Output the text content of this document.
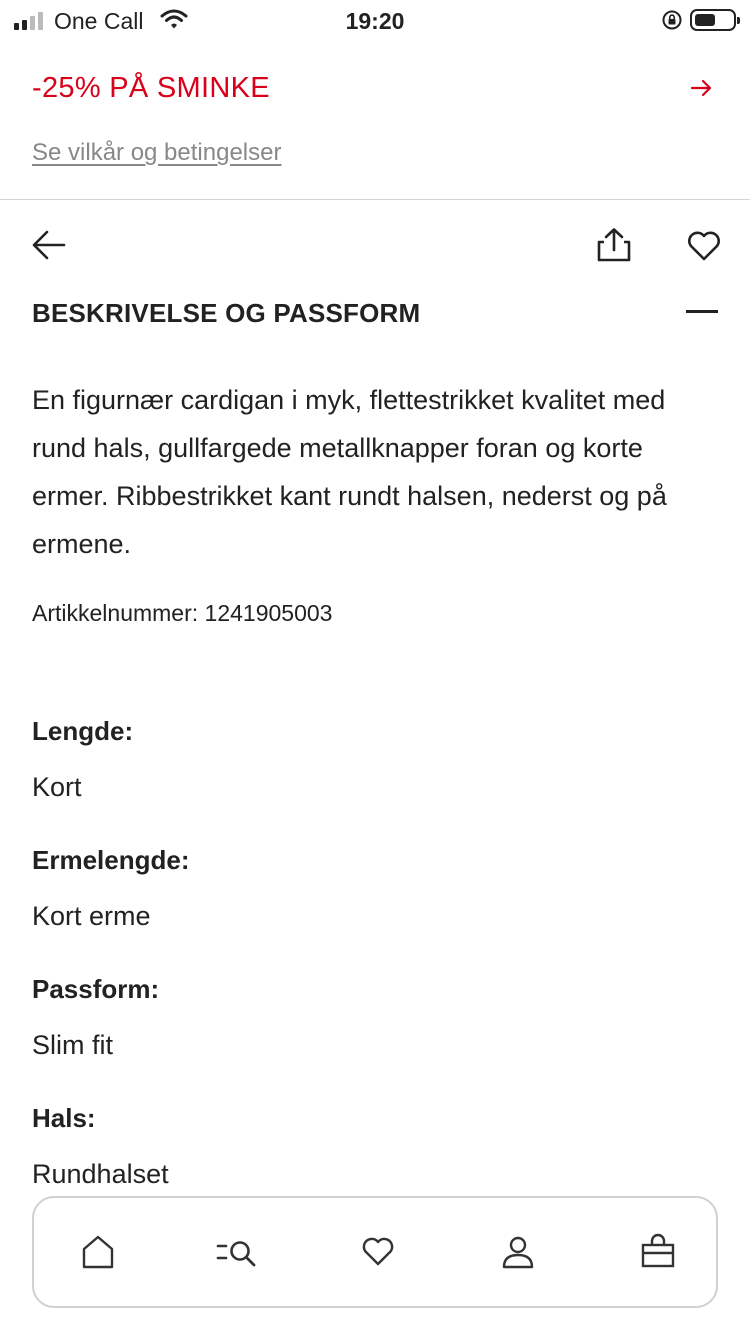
One Call	19:20
-25% PÅ SMINKE
Se vilkår og betingelser
BESKRIVELSE OG PASSFORM
En figurnær cardigan i myk, flettestrikket kvalitet med rund hals, gullfargede metallknapper foran og korte ermer. Ribbestrikket kant rundt halsen, nederst og på ermene.
Artikkelnummer: 1241905003
Lengde:
Kort
Ermelengde:
Kort erme
Passform:
Slim fit
Hals:
Rundhalset
